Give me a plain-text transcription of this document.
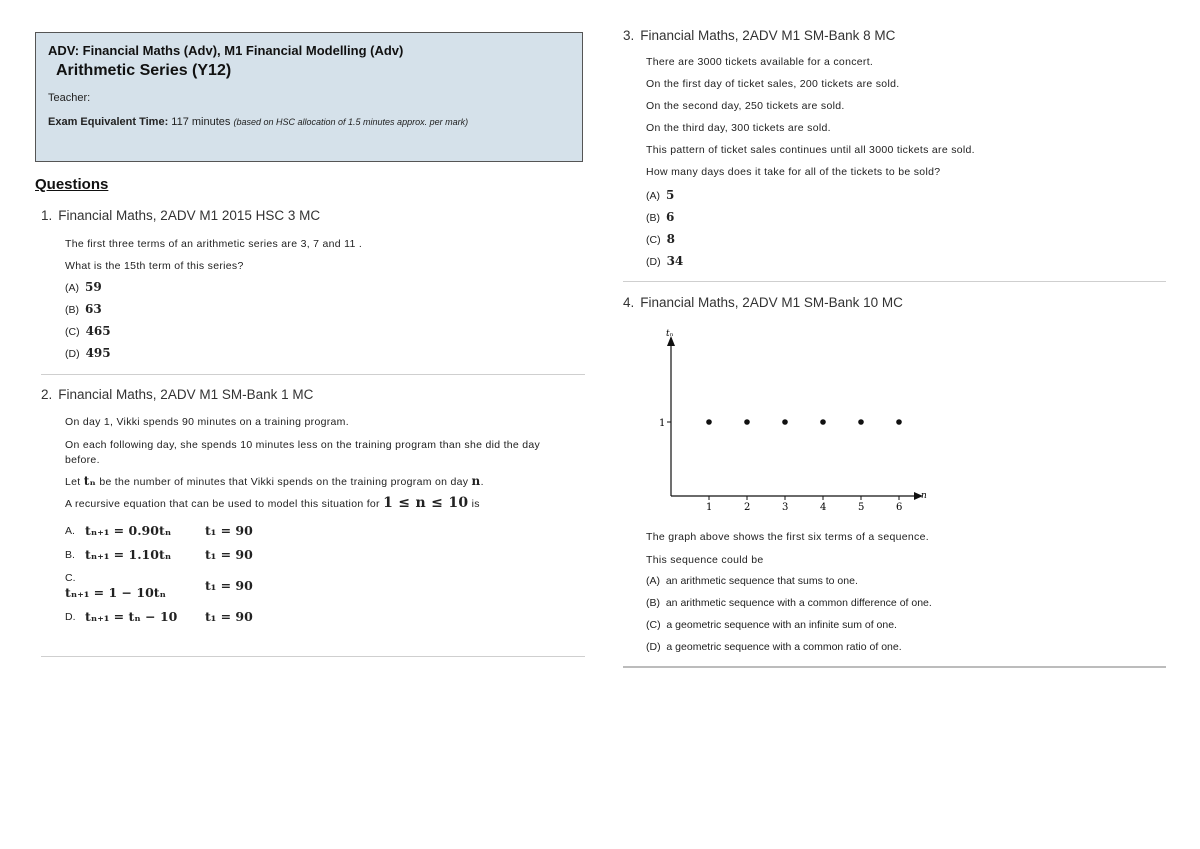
ADV: Financial Maths (Adv), M1 Financial Modelling (Adv)

Arithmetic Series (Y12)

Teacher:
Exam Equivalent Time: 117 minutes (based on HSC allocation of 1.5 minutes approx. per mark)
Questions
1. Financial Maths, 2ADV M1 2015 HSC 3 MC
The first three terms of an arithmetic series are 3, 7 and 11 .
What is the 15th term of this series?
(A) 59
(B) 63
(C) 465
(D) 495
2. Financial Maths, 2ADV M1 SM-Bank 1 MC
On day 1, Vikki spends 90 minutes on a training program.
On each following day, she spends 10 minutes less on the training program than she did the day before.
Let tₙ be the number of minutes that Vikki spends on the training program on day n.
A recursive equation that can be used to model this situation for 1 ≤ n ≤ 10 is
A. tₙ₊₁ = 0.90tₙ	t₁ = 90
B. tₙ₊₁ = 1.10tₙ	t₁ = 90
C.
tₙ₊₁ = 1 − 10tₙ	t₁ = 90
D. tₙ₊₁ = tₙ − 10 t₁ = 90
3. Financial Maths, 2ADV M1 SM-Bank 8 MC
There are 3000 tickets available for a concert.
On the first day of ticket sales, 200 tickets are sold.
On the second day, 250 tickets are sold.
On the third day, 300 tickets are sold.
This pattern of ticket sales continues until all 3000 tickets are sold.
How many days does it take for all of the tickets to be sold?
(A) 5
(B) 6
(C) 8
(D) 34
4. Financial Maths, 2ADV M1 SM-Bank 10 MC
tₙ
n
1
1	2	3	4	5	6
The graph above shows the first six terms of a sequence.
This sequence could be
(A) an arithmetic sequence that sums to one.
(B) an arithmetic sequence with a common difference of one.
(C) a geometric sequence with an infinite sum of one.
(D) a geometric sequence with a common ratio of one.
